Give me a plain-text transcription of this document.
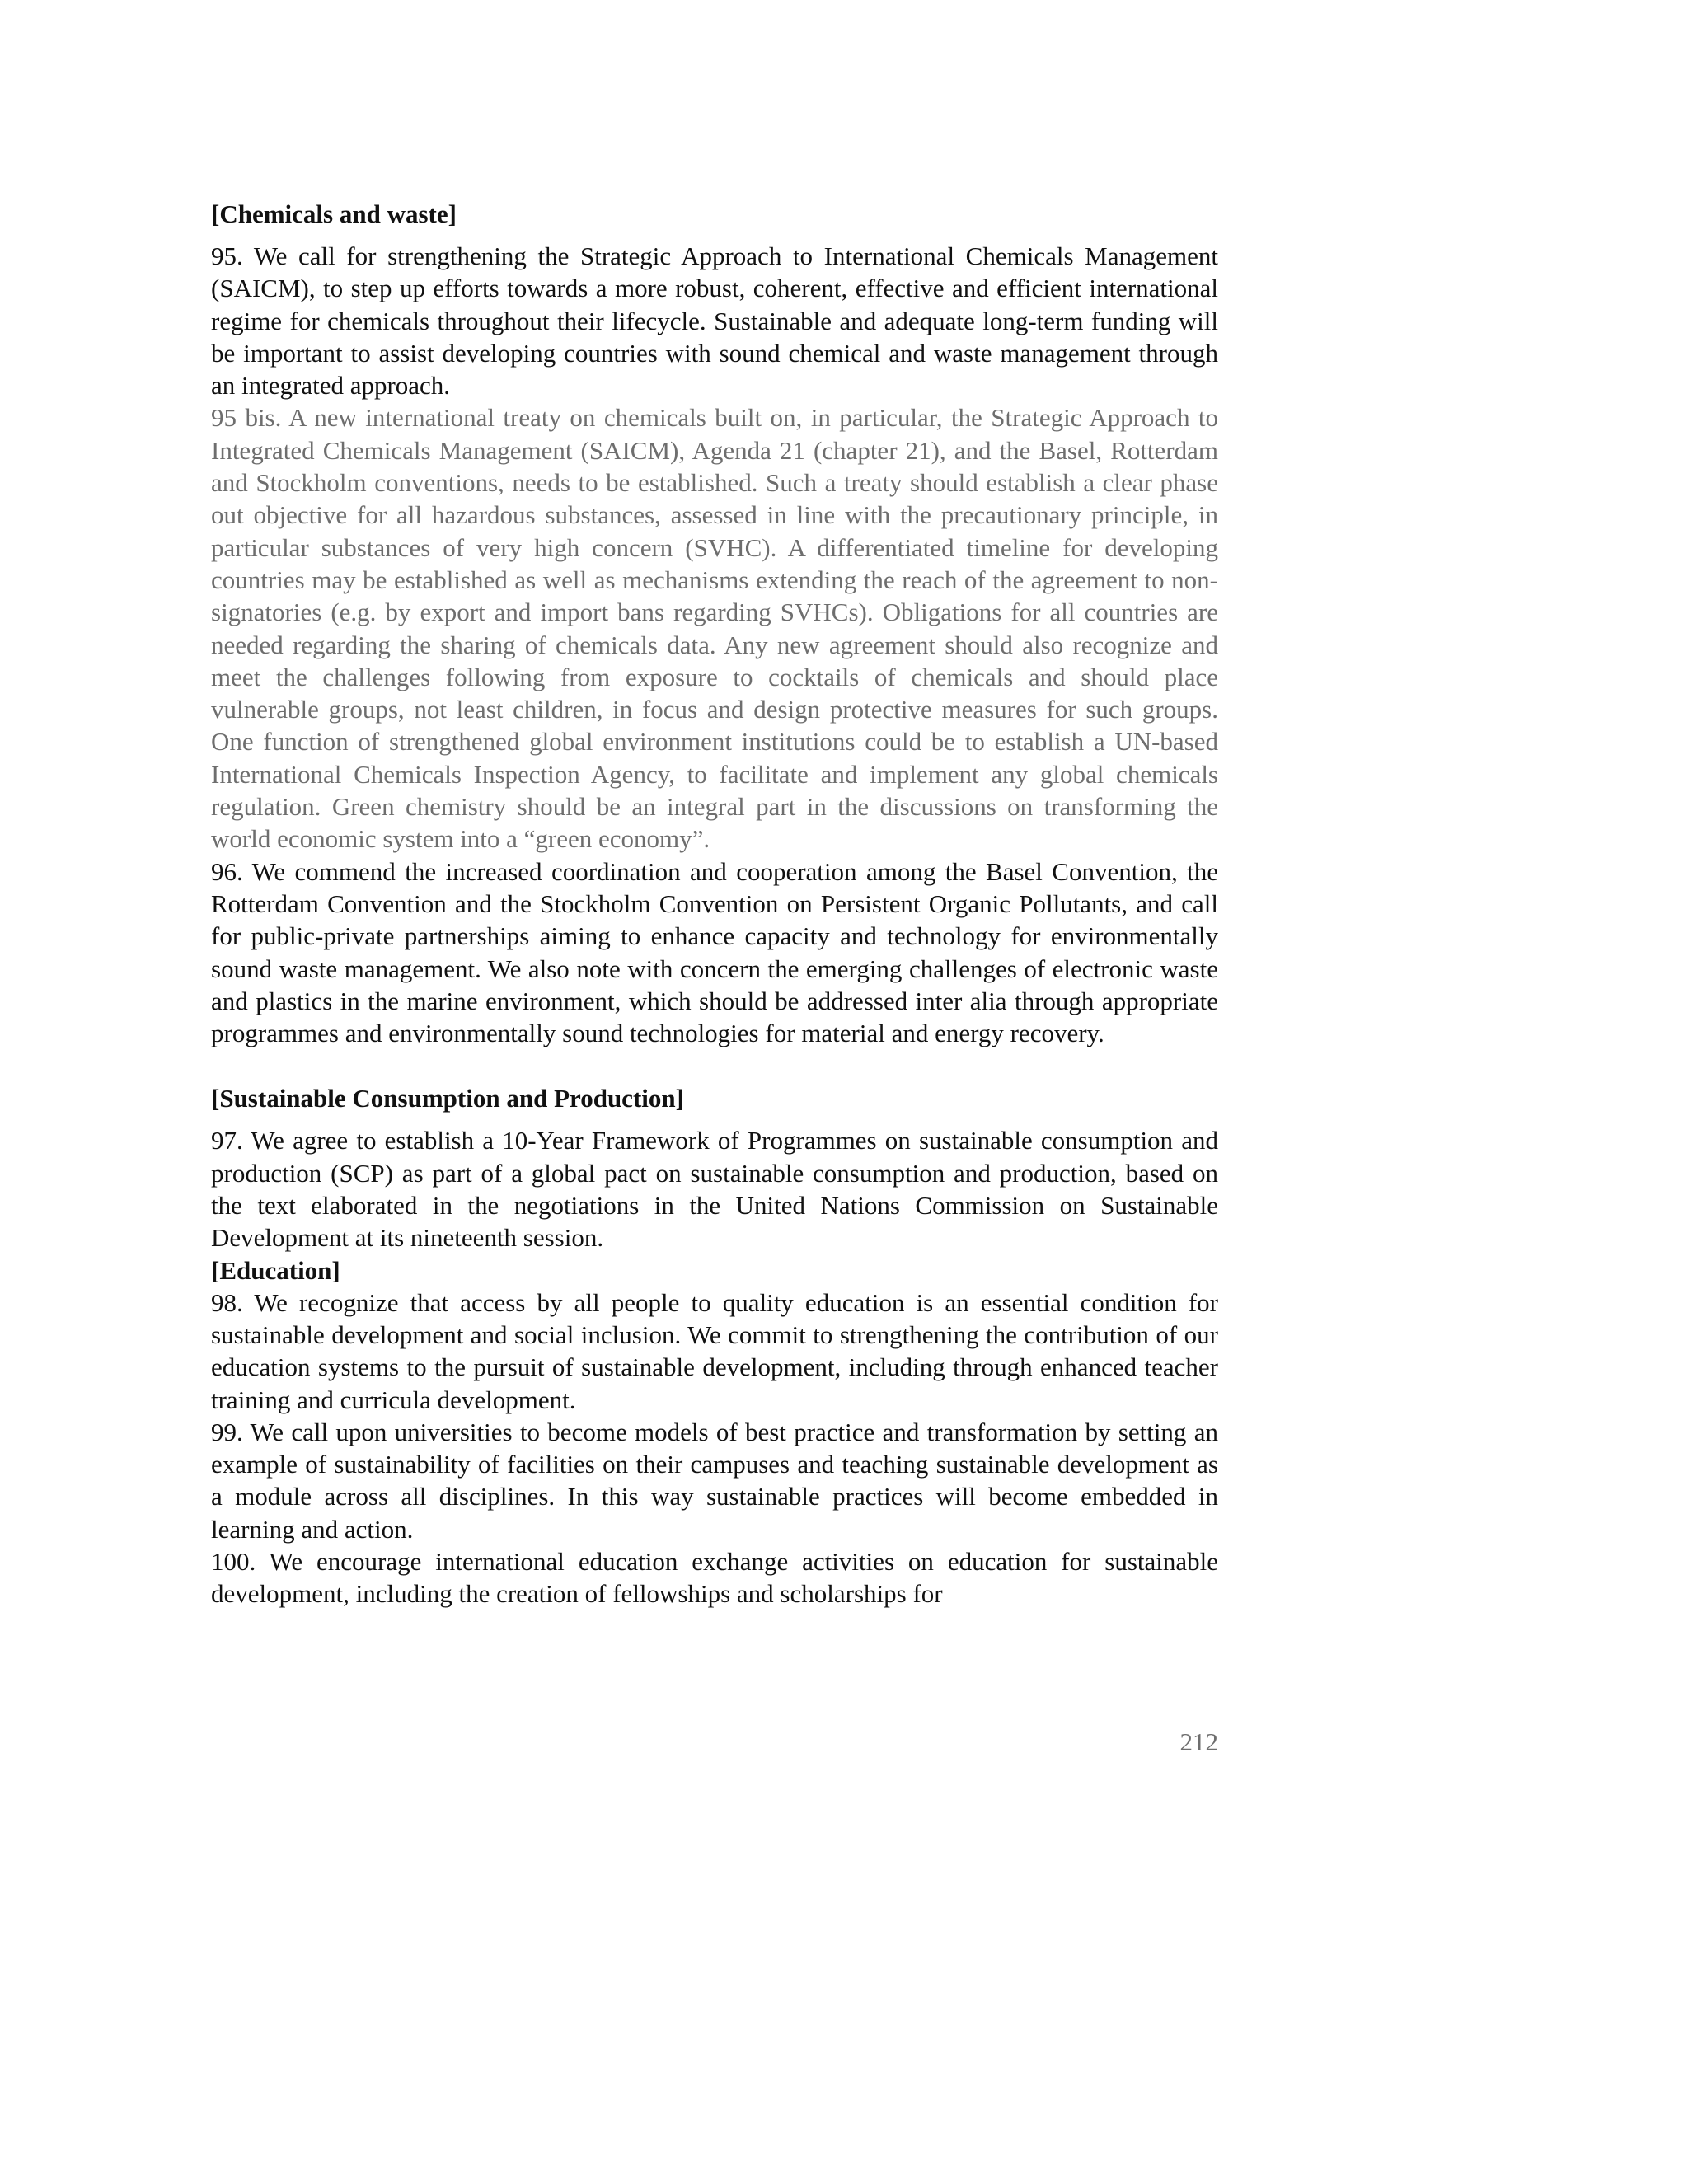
[Chemicals and waste]

95. We call for strengthening the Strategic Approach to International Chemicals Management (SAICM), to step up efforts towards a more robust, coherent, effective and efficient international regime for chemicals throughout their lifecycle. Sustainable and adequate long-term funding will be important to assist developing countries with sound chemical and waste management through an integrated approach.

95 bis. A new international treaty on chemicals built on, in particular, the Strategic Approach to Integrated Chemicals Management (SAICM), Agenda 21 (chapter 21), and the Basel, Rotterdam and Stockholm conventions, needs to be established. Such a treaty should establish a clear phase out objective for all hazardous substances, assessed in line with the precautionary principle, in particular substances of very high concern (SVHC). A differentiated timeline for developing countries may be established as well as mechanisms extending the reach of the agreement to non-signatories (e.g. by export and import bans regarding SVHCs). Obligations for all countries are needed regarding the sharing of chemicals data. Any new agreement should also recognize and meet the challenges following from exposure to cocktails of chemicals and should place vulnerable groups, not least children, in focus and design protective measures for such groups. One function of strengthened global environment institutions could be to establish a UN-based International Chemicals Inspection Agency, to facilitate and implement any global chemicals regulation. Green chemistry should be an integral part in the discussions on transforming the world economic system into a “green economy”.

96. We commend the increased coordination and cooperation among the Basel Convention, the Rotterdam Convention and the Stockholm Convention on Persistent Organic Pollutants, and call for public-private partnerships aiming to enhance capacity and technology for environmentally sound waste management. We also note with concern the emerging challenges of electronic waste and plastics in the marine environment, which should be addressed inter alia through appropriate programmes and environmentally sound technologies for material and energy recovery.

[Sustainable Consumption and Production]

97. We agree to establish a 10-Year Framework of Programmes on sustainable consumption and production (SCP) as part of a global pact on sustainable consumption and production, based on the text elaborated in the negotiations in the United Nations Commission on Sustainable Development at its nineteenth session.

[Education]

98. We recognize that access by all people to quality education is an essential condition for sustainable development and social inclusion. We commit to strengthening the contribution of our education systems to the pursuit of sustainable development, including through enhanced teacher training and curricula development.

99. We call upon universities to become models of best practice and transformation by setting an example of sustainability of facilities on their campuses and teaching sustainable development as a module across all disciplines. In this way sustainable practices will become embedded in learning and action.

100. We encourage international education exchange activities on education for sustainable development, including the creation of fellowships and scholarships for

212
